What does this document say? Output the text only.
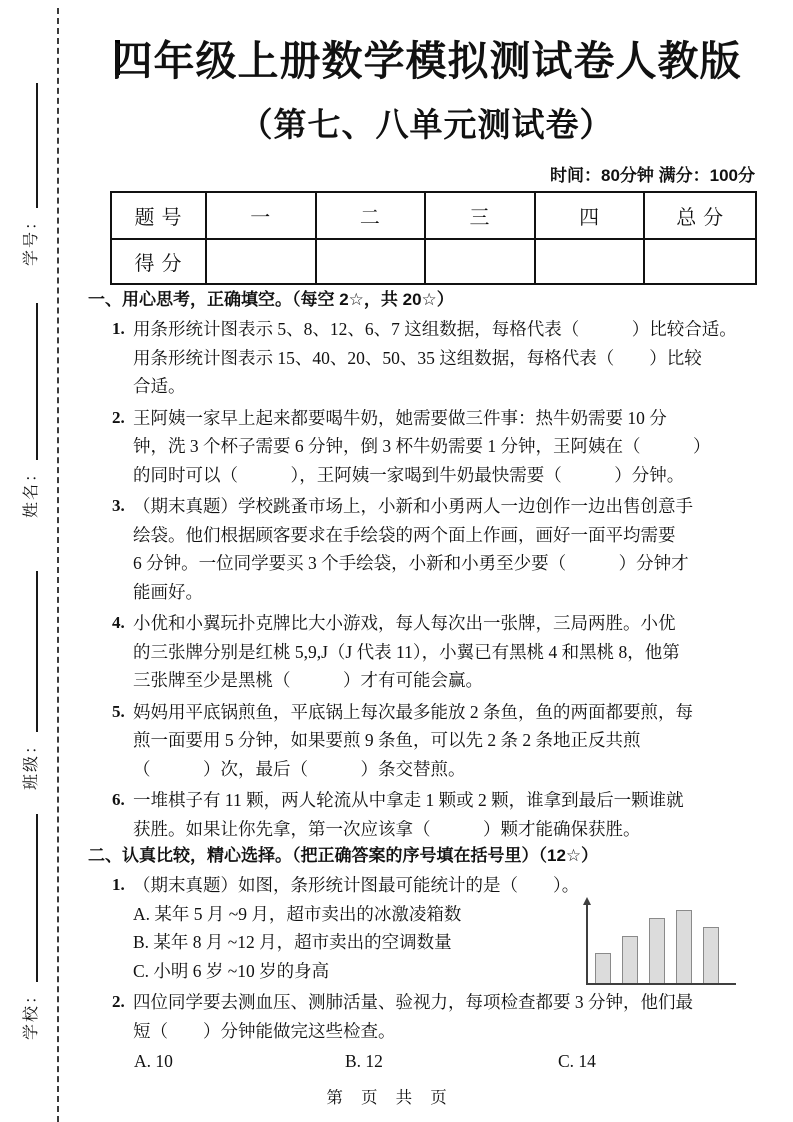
学号：
姓名：
班级：
学校：
四年级上册数学模拟测试卷人教版
（第七、八单元测试卷）
时间：80分钟 满分：100分
题 号	一	二	三	四	总 分
得 分
一、用心思考，正确填空。（每空 2☆，共 20☆）
1. 用条形统计图表示 5、8、12、6、7 这组数据，每格代表（　　　）比较合适。
用条形统计图表示 15、40、20、50、35 这组数据，每格代表（　　）比较
合适。
2. 王阿姨一家早上起来都要喝牛奶，她需要做三件事：热牛奶需要 10 分
钟，洗 3 个杯子需要 6 分钟，倒 3 杯牛奶需要 1 分钟，王阿姨在（　　　）
的同时可以（　　　），王阿姨一家喝到牛奶最快需要（　　　）分钟。
3. （期末真题）学校跳蚤市场上，小新和小勇两人一边创作一边出售创意手
绘袋。他们根据顾客要求在手绘袋的两个面上作画，画好一面平均需要
6 分钟。一位同学要买 3 个手绘袋，小新和小勇至少要（　　　）分钟才
能画好。
4. 小优和小翼玩扑克牌比大小游戏，每人每次出一张牌，三局两胜。小优
的三张牌分别是红桃 5,9,J（J 代表 11），小翼已有黑桃 4 和黑桃 8，他第
三张牌至少是黑桃（　　　）才有可能会赢。
5. 妈妈用平底锅煎鱼，平底锅上每次最多能放 2 条鱼，鱼的两面都要煎，每
煎一面要用 5 分钟，如果要煎 9 条鱼，可以先 2 条 2 条地正反共煎
（　　　）次，最后（　　　）条交替煎。
6. 一堆棋子有 11 颗，两人轮流从中拿走 1 颗或 2 颗，谁拿到最后一颗谁就
获胜。如果让你先拿，第一次应该拿（　　　）颗才能确保获胜。
二、认真比较，精心选择。（把正确答案的序号填在括号里）（12☆）
1. （期末真题）如图，条形统计图最可能统计的是（　　）。
A. 某年 5 月 ~9 月，超市卖出的冰激凌箱数
B. 某年 8 月 ~12 月，超市卖出的空调数量
C. 小明 6 岁 ~10 岁的身高
2. 四位同学要去测血压、测肺活量、验视力，每项检查都要 3 分钟，他们最
短（　　）分钟能做完这些检查。
A. 10	B. 12	C. 14
第 页 共 页
